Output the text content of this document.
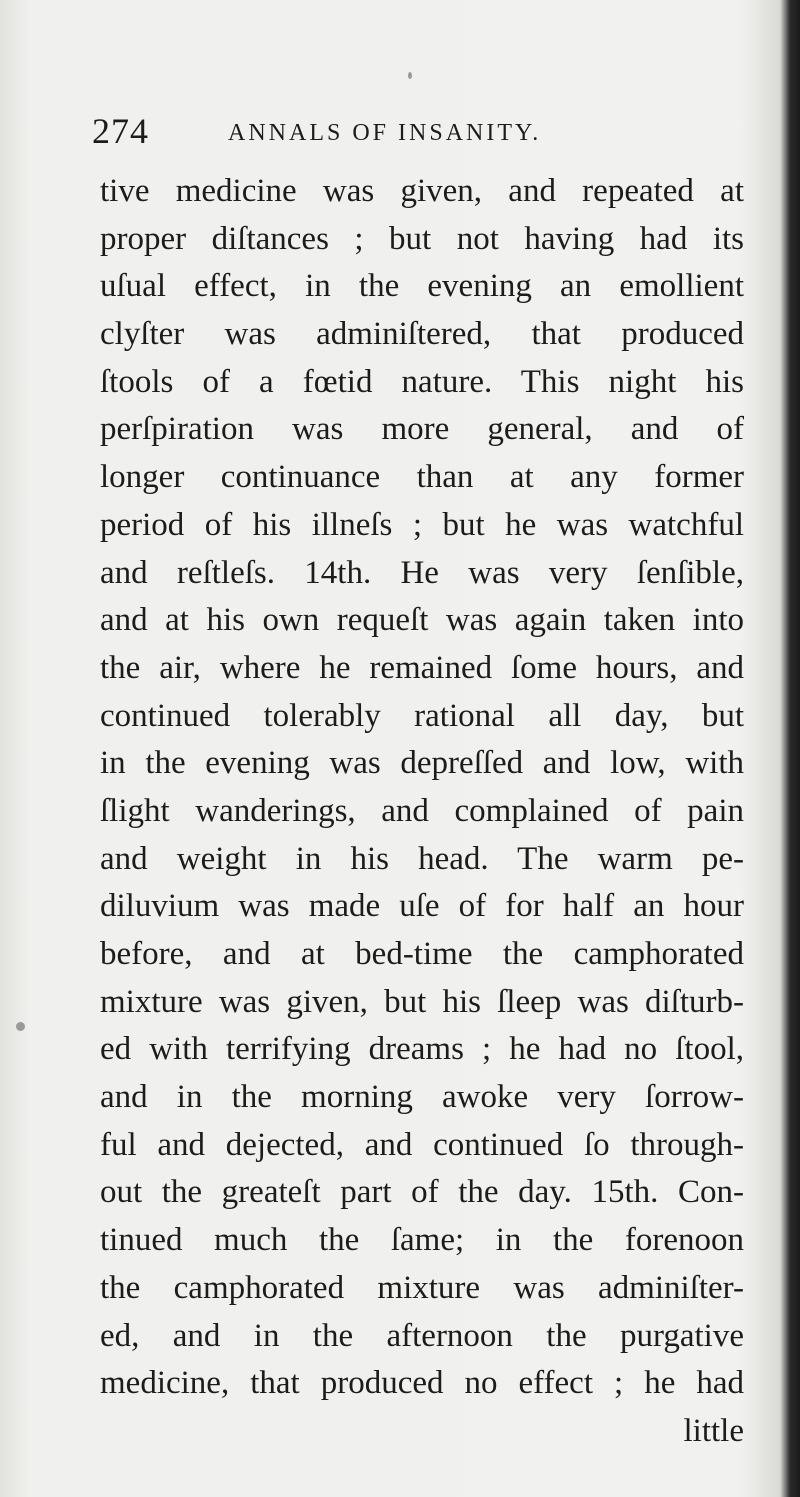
274	ANNALS OF INSANITY.
tive medicine was given, and repeated at
proper diſtances ; but not having had its
uſual effect, in the evening an emollient
clyſter was adminiſtered, that produced
ſtools of a fœtid nature. This night his
perſpiration was more general, and of
longer continuance than at any former
period of his illneſs ; but he was watchful
and reſtleſs. 14th. He was very ſenſible,
and at his own requeſt was again taken into
the air, where he remained ſome hours, and
continued tolerably rational all day, but
in the evening was depreſſed and low, with
ſlight wanderings, and complained of pain
and weight in his head. The warm pe-
diluvium was made uſe of for half an hour
before, and at bed-time the camphorated
mixture was given, but his ſleep was diſturb-
ed with terrifying dreams ; he had no ſtool,
and in the morning awoke very ſorrow-
ful and dejected, and continued ſo through-
out the greateſt part of the day. 15th. Con-
tinued much the ſame; in the forenoon
the camphorated mixture was adminiſter-
ed, and in the afternoon the purgative
medicine, that produced no effect ; he had
little
